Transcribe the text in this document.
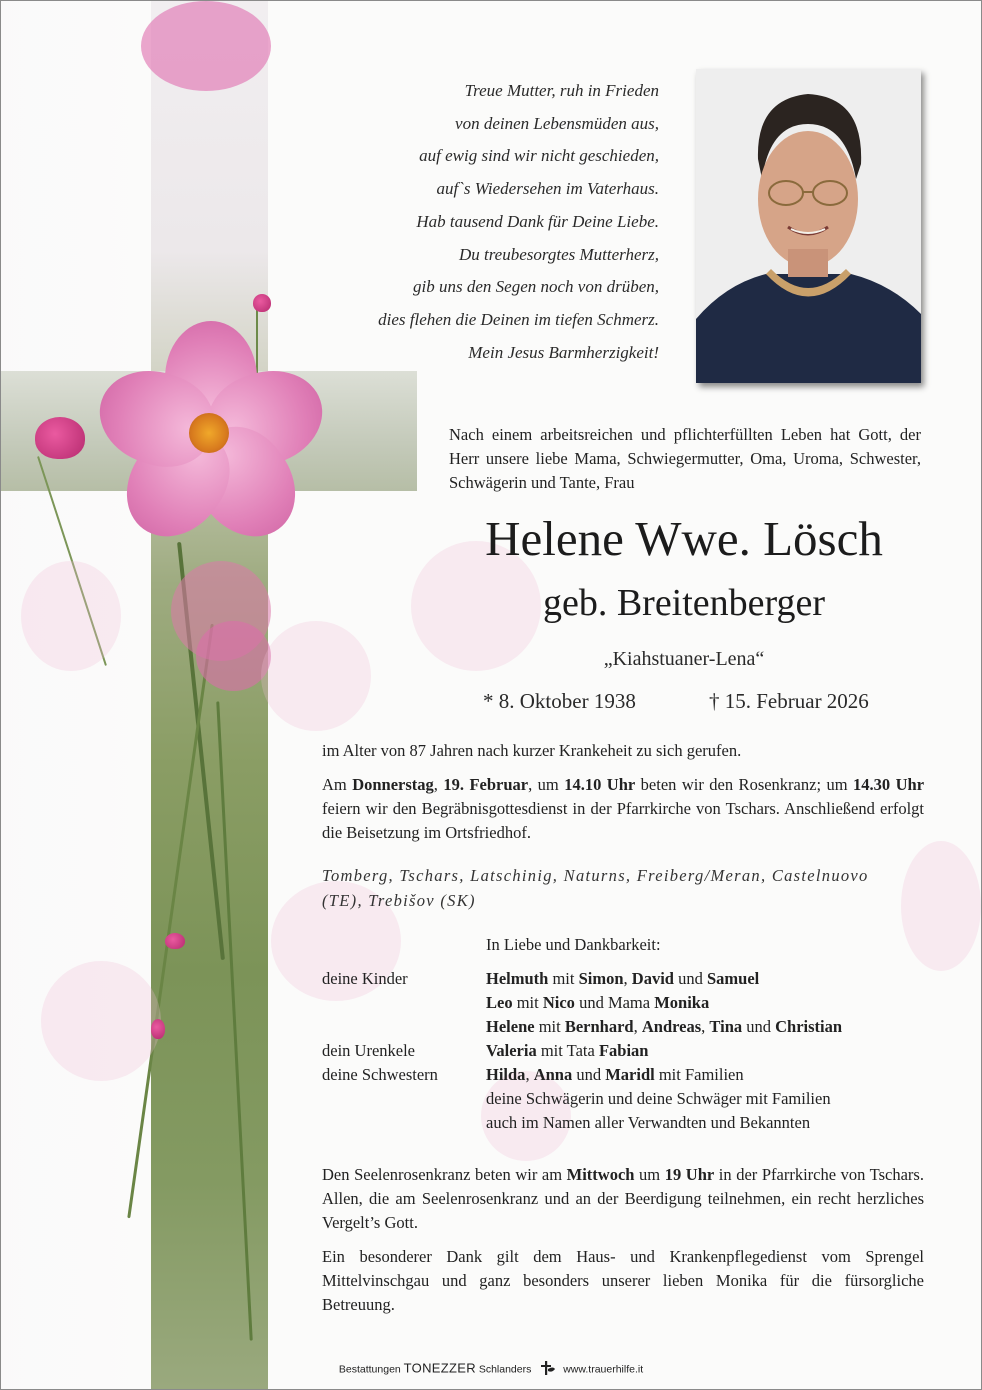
Treue Mutter, ruh in Frieden
von deinen Lebensmüden aus,
auf ewig sind wir nicht geschieden,
auf`s Wiedersehen im Vaterhaus.
Hab tausend Dank für Deine Liebe.
Du treubesorgtes Mutterherz,
gib uns den Segen noch von drüben,
dies flehen die Deinen im tiefen Schmerz.
Mein Jesus Barmherzigkeit!
Nach einem arbeitsreichen und pflichterfüllten Leben hat Gott, der Herr unsere liebe Mama, Schwiegermutter, Oma, Uroma, Schwester, Schwägerin und Tante, Frau
Helene Wwe. Lösch
geb. Breitenberger
„Kiahstuaner-Lena“
* 8. Oktober 1938	† 15. Februar 2026
im Alter von 87 Jahren nach kurzer Krankeheit zu sich gerufen.
Am Donnerstag, 19. Februar, um 14.10 Uhr beten wir den Rosenkranz; um 14.30 Uhr feiern wir den Begräbnisgottesdienst in der Pfarrkirche von Tschars. Anschließend erfolgt die Beisetzung im Ortsfriedhof.
Tomberg, Tschars, Latschinig, Naturns, Freiberg/Meran, Castelnuovo (TE), Trebišov (SK)
In Liebe und Dankbarkeit:
deine Kinder
dein Urenkele
deine Schwestern
Helmuth mit Simon, David und Samuel
Leo mit Nico und Mama Monika
Helene mit Bernhard, Andreas, Tina und Christian
Valeria mit Tata Fabian
Hilda, Anna und Maridl mit Familien
deine Schwägerin und deine Schwäger mit Familien
auch im Namen aller Verwandten und Bekannten
Den Seelenrosenkranz beten wir am Mittwoch um 19 Uhr in der Pfarrkirche von Tschars. Allen, die am Seelenrosenkranz und an der Beerdigung teilnehmen, ein recht herzliches Vergelt’s Gott.
Ein besonderer Dank gilt dem Haus- und Krankenpflegedienst vom Sprengel Mittelvinschgau und ganz besonders unserer lieben Monika für die fürsorgliche Betreuung.
Bestattungen TONEZZER Schlanders	www.trauerhilfe.it
